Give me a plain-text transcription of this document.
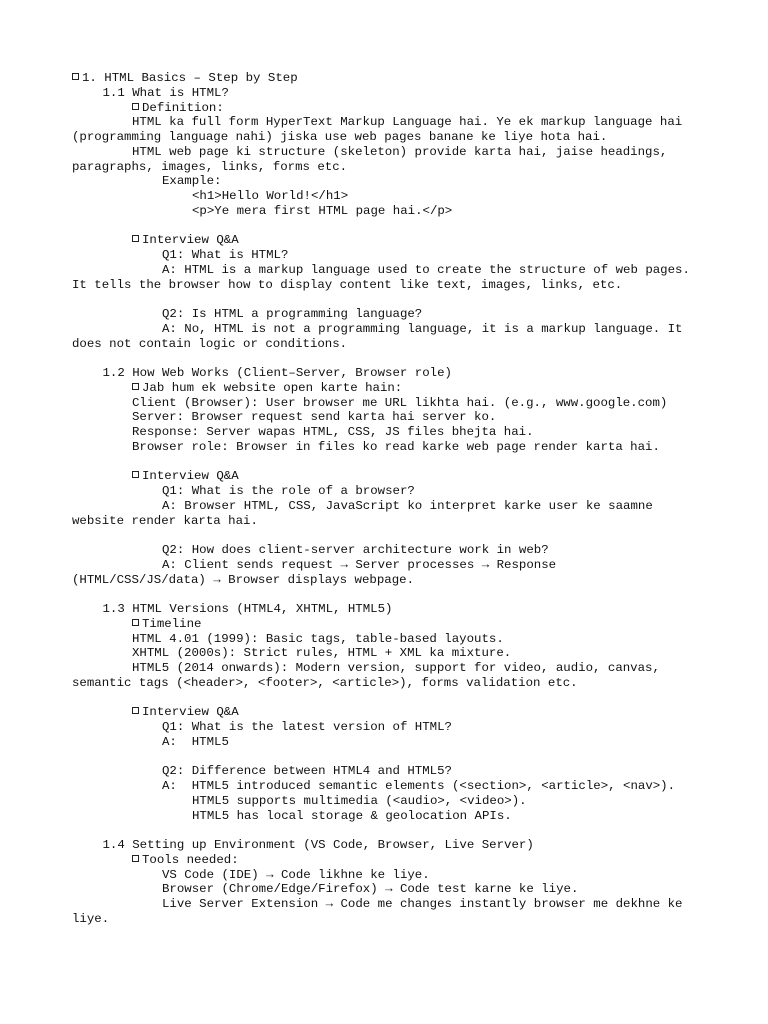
1. HTML Basics – Step by Step
1.1 What is HTML?
Definition:
HTML ka full form HyperText Markup Language hai. Ye ek markup language hai
(programming language nahi) jiska use web pages banane ke liye hota hai.
HTML web page ki structure (skeleton) provide karta hai, jaise headings,
paragraphs, images, links, forms etc.
Example:
<h1>Hello World!</h1>
<p>Ye mera first HTML page hai.</p>
Interview Q&A
Q1: What is HTML?
A: HTML is a markup language used to create the structure of web pages.
It tells the browser how to display content like text, images, links, etc.
Q2: Is HTML a programming language?
A: No, HTML is not a programming language, it is a markup language. It
does not contain logic or conditions.
1.2 How Web Works (Client–Server, Browser role)
Jab hum ek website open karte hain:
Client (Browser): User browser me URL likhta hai. (e.g., www.google.com)
Server: Browser request send karta hai server ko.
Response: Server wapas HTML, CSS, JS files bhejta hai.
Browser role: Browser in files ko read karke web page render karta hai.
Interview Q&A
Q1: What is the role of a browser?
A: Browser HTML, CSS, JavaScript ko interpret karke user ke saamne
website render karta hai.
Q2: How does client-server architecture work in web?
A: Client sends request → Server processes → Response
(HTML/CSS/JS/data) → Browser displays webpage.
1.3 HTML Versions (HTML4, XHTML, HTML5)
Timeline
HTML 4.01 (1999): Basic tags, table-based layouts.
XHTML (2000s): Strict rules, HTML + XML ka mixture.
HTML5 (2014 onwards): Modern version, support for video, audio, canvas,
semantic tags (<header>, <footer>, <article>), forms validation etc.
Interview Q&A
Q1: What is the latest version of HTML?
A:  HTML5
Q2: Difference between HTML4 and HTML5?
A:  HTML5 introduced semantic elements (<section>, <article>, <nav>).
HTML5 supports multimedia (<audio>, <video>).
HTML5 has local storage & geolocation APIs.
1.4 Setting up Environment (VS Code, Browser, Live Server)
Tools needed:
VS Code (IDE) → Code likhne ke liye.
Browser (Chrome/Edge/Firefox) → Code test karne ke liye.
Live Server Extension → Code me changes instantly browser me dekhne ke
liye.
